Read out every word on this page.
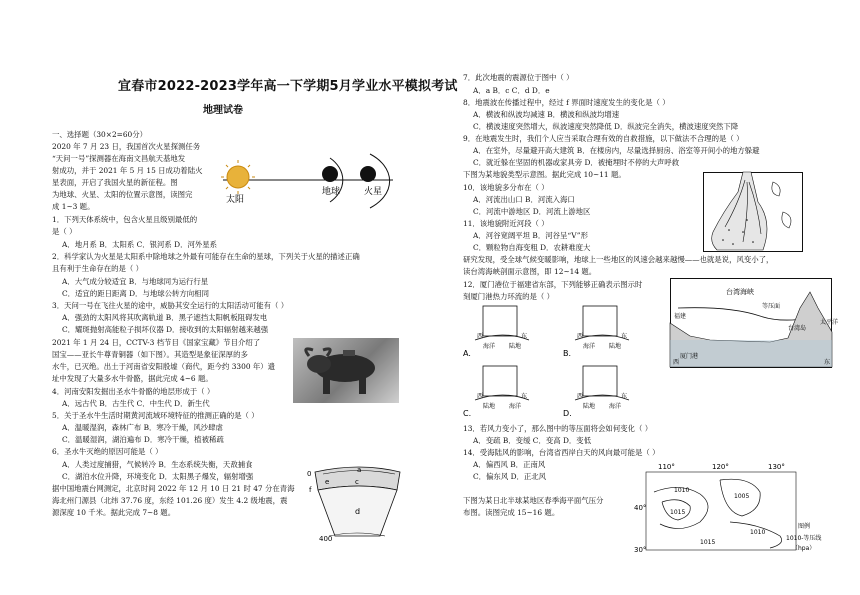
宜春市2022-2023学年高一下学期5月学业水平模拟考试
地理试卷
一、选择题（30×2=60分）
2020 年 7 月 23 日，我国首次火星探测任务
“天问一号”探测器在海南文昌航天基地发
射成功，并于 2021 年 5 月 15 日成功着陆火
星表面，开启了我国火星的新征程。图
为地球、火星、太阳的位置示意图，读图完
成 1~3 题。
1．下列天体系统中，包含火星且级别最低的
是（ ）
A．地月系 B．太阳系 C．银河系 D．河外星系
2．科学家认为火星是太阳系中除地球之外最有可能存在生命的星球，下列关于火星的描述正确
且有利于生命存在的是（ ）
A．大气成分较适宜 B．与地球同为运行行星
C．适宜的距日距离 D．与地球公转方向相同
3．天问一号在飞往火星的途中，威胁其安全运行的太阳活动可能有（ ）
A．强劲的太阳风将其吹离轨道 B．黑子遮挡太阳帆板阻碍发电
C．耀斑抛射高能粒子损坏仪器 D．接收到的太阳辐射越来越强
2021 年 1 月 24 日，CCTV-3 档节目《国家宝藏》节目介绍了
国宝——亚长牛尊青铜器（如下图）。其造型是象征深厚的多
水牛，已灭绝。出土于河南省安阳殷墟（商代，距今约 3300 年）遗
址中发现了大量多水牛骨骼，据此完成 4~6 题。
4．河南安阳发掘出圣水牛骨骼的地层形成于（ ）
A．远古代 B．古生代 C．中生代 D．新生代
5．关于圣水牛生活时期黄河流域环境特征的推测正确的是（ ）
A．温暖湿润，森林广布 B．寒冷干燥，风沙肆虐
C．温暖湿润，湖泊遍布 D．寒冷干燥，植被稀疏
6．圣水牛灭绝的原因可能是（ ）
A．人类过度捕猎，气候转冷 B．生态系统失衡，天敌捕食
C．湖泊水位升降，环境变化 D．太阳黑子爆发，辐射增强
据中国地震台网测定，北京时间 2022 年 12 月 10 日 21 时 47 分在青海
海北州门源县（北纬 37.76 度，东经 101.26 度）发生 4.2 级地震，震
源深度 10 千米。据此完成 7~8 题。
太阳
地球	火星
a
c
d
e
f
0
400
7．此次地震的震源位于图中（ ）
A．a B．c C．d D．e
8．地震波在传播过程中，经过 f 界面时速度发生的变化是（ ）
A．横波和纵波均减速 B．横波和纵波均增速
C．横波速度突然增大，纵波速度突然降低 D．纵波完全消失，横波速度突然下降
9．在地震发生时，我们个人应当采取合理有效的自救措施，以下做法不合理的是（ ）
A．在室外，尽量避开高大建筑 B．在楼房内，尽量选择厨房、浴室等开间小的地方躲避
C．就近躲在坚固的机器或家具旁 D．被掩埋时不停的大声呼救
下图为某地貌类型示意图。据此完成 10~11 题。
10．该地貌多分布在（ ）
A．河流出山口 B．河流入海口
C．河流中游地区 D．河流上游地区
11．该地貌附近河段（ ）
A．河谷宽阔平坦 B．河谷呈“V”形
C．颗粒物自海变粗 D．农耕难度大
研究发现，受全球气候变暖影响，地球上一些地区的风速会越来越慢——也就是说，风变小了，
读台湾海峡剖面示意图，即 12~14 题。
12．厦门港位于福建省东部，下列能够正确表示图示时
刻厦门港热力环流的是（ ）
13．若风力变小了，那么图中的等压面将会如何变化（ ）
A．变疏 B．变缓 C．变高 D．变低
14．受海陆风的影响，台湾省西岸白天的风向最可能是（ ）
A．偏西风 B．正南风
C．偏东风 D．正北风
下图为某日北半球某地区春季海平面气压分
布图。读图完成 15~16 题。
A.
西	东
海洋 陆地
B.
西	东
海洋 陆地
C.
西	东
陆地 海洋
D.
西	东
陆地 海洋
台湾海峡
等压面
厦门港
福建
台湾岛
太平洋
西	东
110°	120°	130°
40°
30°
1010
1015
1005
1010
1015
图例
1010-等压线
（hpa）
